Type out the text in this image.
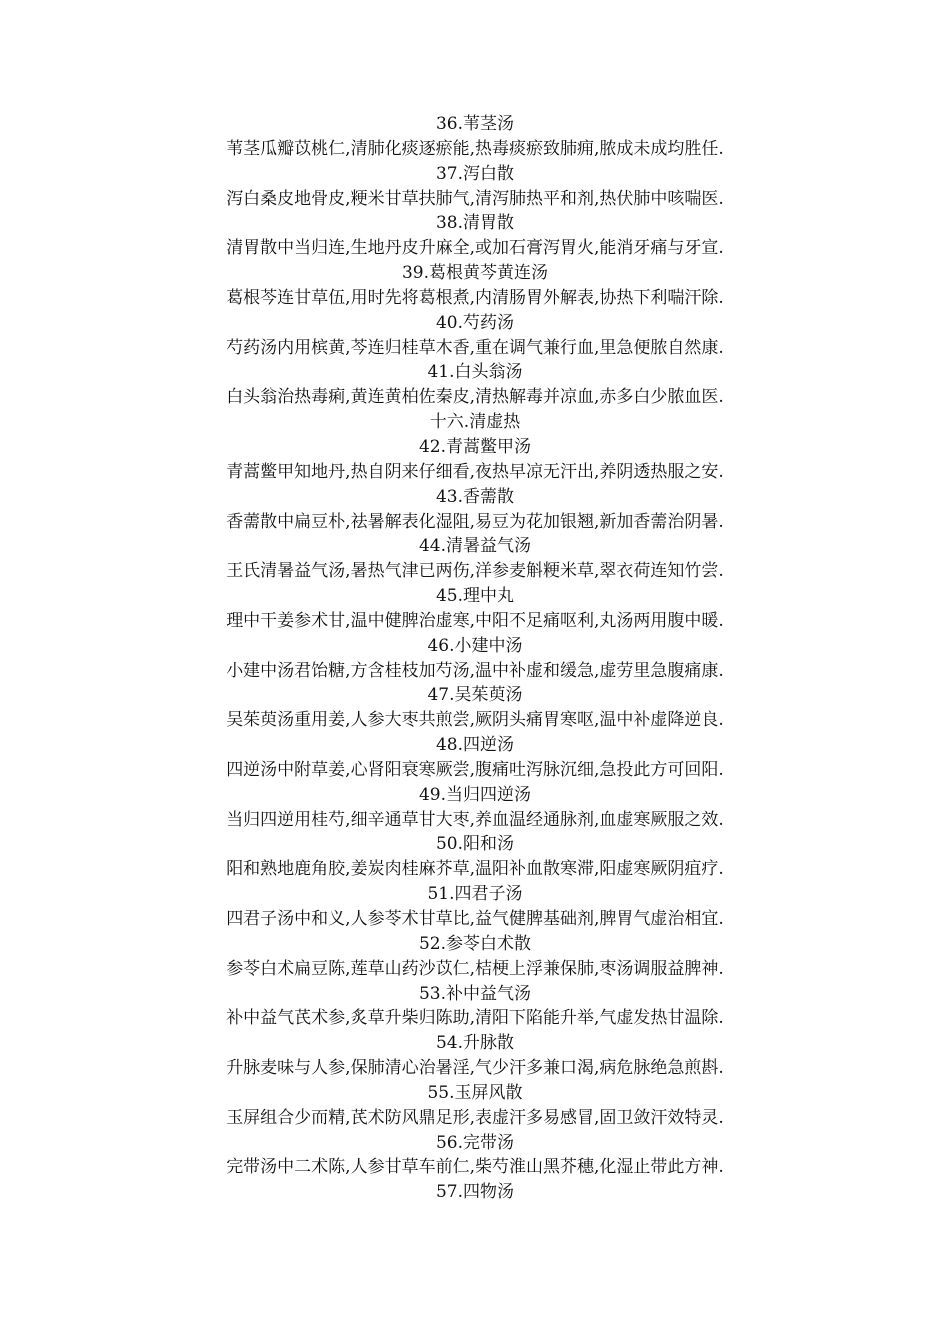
36.苇茎汤
苇茎瓜瓣苡桃仁,清肺化痰逐瘀能,热毒痰瘀致肺痈,脓成未成均胜任.
37.泻白散
泻白桑皮地骨皮,粳米甘草扶肺气,清泻肺热平和剂,热伏肺中咳喘医.
38.清胃散
清胃散中当归连,生地丹皮升麻全,或加石膏泻胃火,能消牙痛与牙宣.
39.葛根黄芩黄连汤
葛根芩连甘草伍,用时先将葛根煮,内清肠胃外解表,协热下利喘汗除.
40.芍药汤
芍药汤内用槟黄,芩连归桂草木香,重在调气兼行血,里急便脓自然康.
41.白头翁汤
白头翁治热毒痢,黄连黄柏佐秦皮,清热解毒并凉血,赤多白少脓血医.
十六.清虚热
42.青蒿鳖甲汤
青蒿鳖甲知地丹,热自阴来仔细看,夜热早凉无汗出,养阴透热服之安.
43.香薷散
香薷散中扁豆朴,祛暑解表化湿阻,易豆为花加银翘,新加香薷治阴暑.
44.清暑益气汤
王氏清暑益气汤,暑热气津已两伤,洋参麦斛粳米草,翠衣荷连知竹尝.
45.理中丸
理中干姜参术甘,温中健脾治虚寒,中阳不足痛呕利,丸汤两用腹中暖.
46.小建中汤
小建中汤君饴糖,方含桂枝加芍汤,温中补虚和缓急,虚劳里急腹痛康.
47.吴茱萸汤
吴茱萸汤重用姜,人参大枣共煎尝,厥阴头痛胃寒呕,温中补虚降逆良.
48.四逆汤
四逆汤中附草姜,心肾阳衰寒厥尝,腹痛吐泻脉沉细,急投此方可回阳.
49.当归四逆汤
当归四逆用桂芍,细辛通草甘大枣,养血温经通脉剂,血虚寒厥服之效.
50.阳和汤
阳和熟地鹿角胶,姜炭肉桂麻芥草,温阳补血散寒滞,阳虚寒厥阴疽疗.
51.四君子汤
四君子汤中和义,人参苓术甘草比,益气健脾基础剂,脾胃气虚治相宜.
52.参苓白术散
参苓白术扁豆陈,莲草山药沙苡仁,桔梗上浮兼保肺,枣汤调服益脾神.
53.补中益气汤
补中益气芪术参,炙草升柴归陈助,清阳下陷能升举,气虚发热甘温除.
54.升脉散
升脉麦味与人参,保肺清心治暑淫,气少汗多兼口渴,病危脉绝急煎斟.
55.玉屏风散
玉屏组合少而精,芪术防风鼎足形,表虚汗多易感冒,固卫敛汗效特灵.
56.完带汤
完带汤中二术陈,人参甘草车前仁,柴芍淮山黑芥穗,化湿止带此方神.
57.四物汤
